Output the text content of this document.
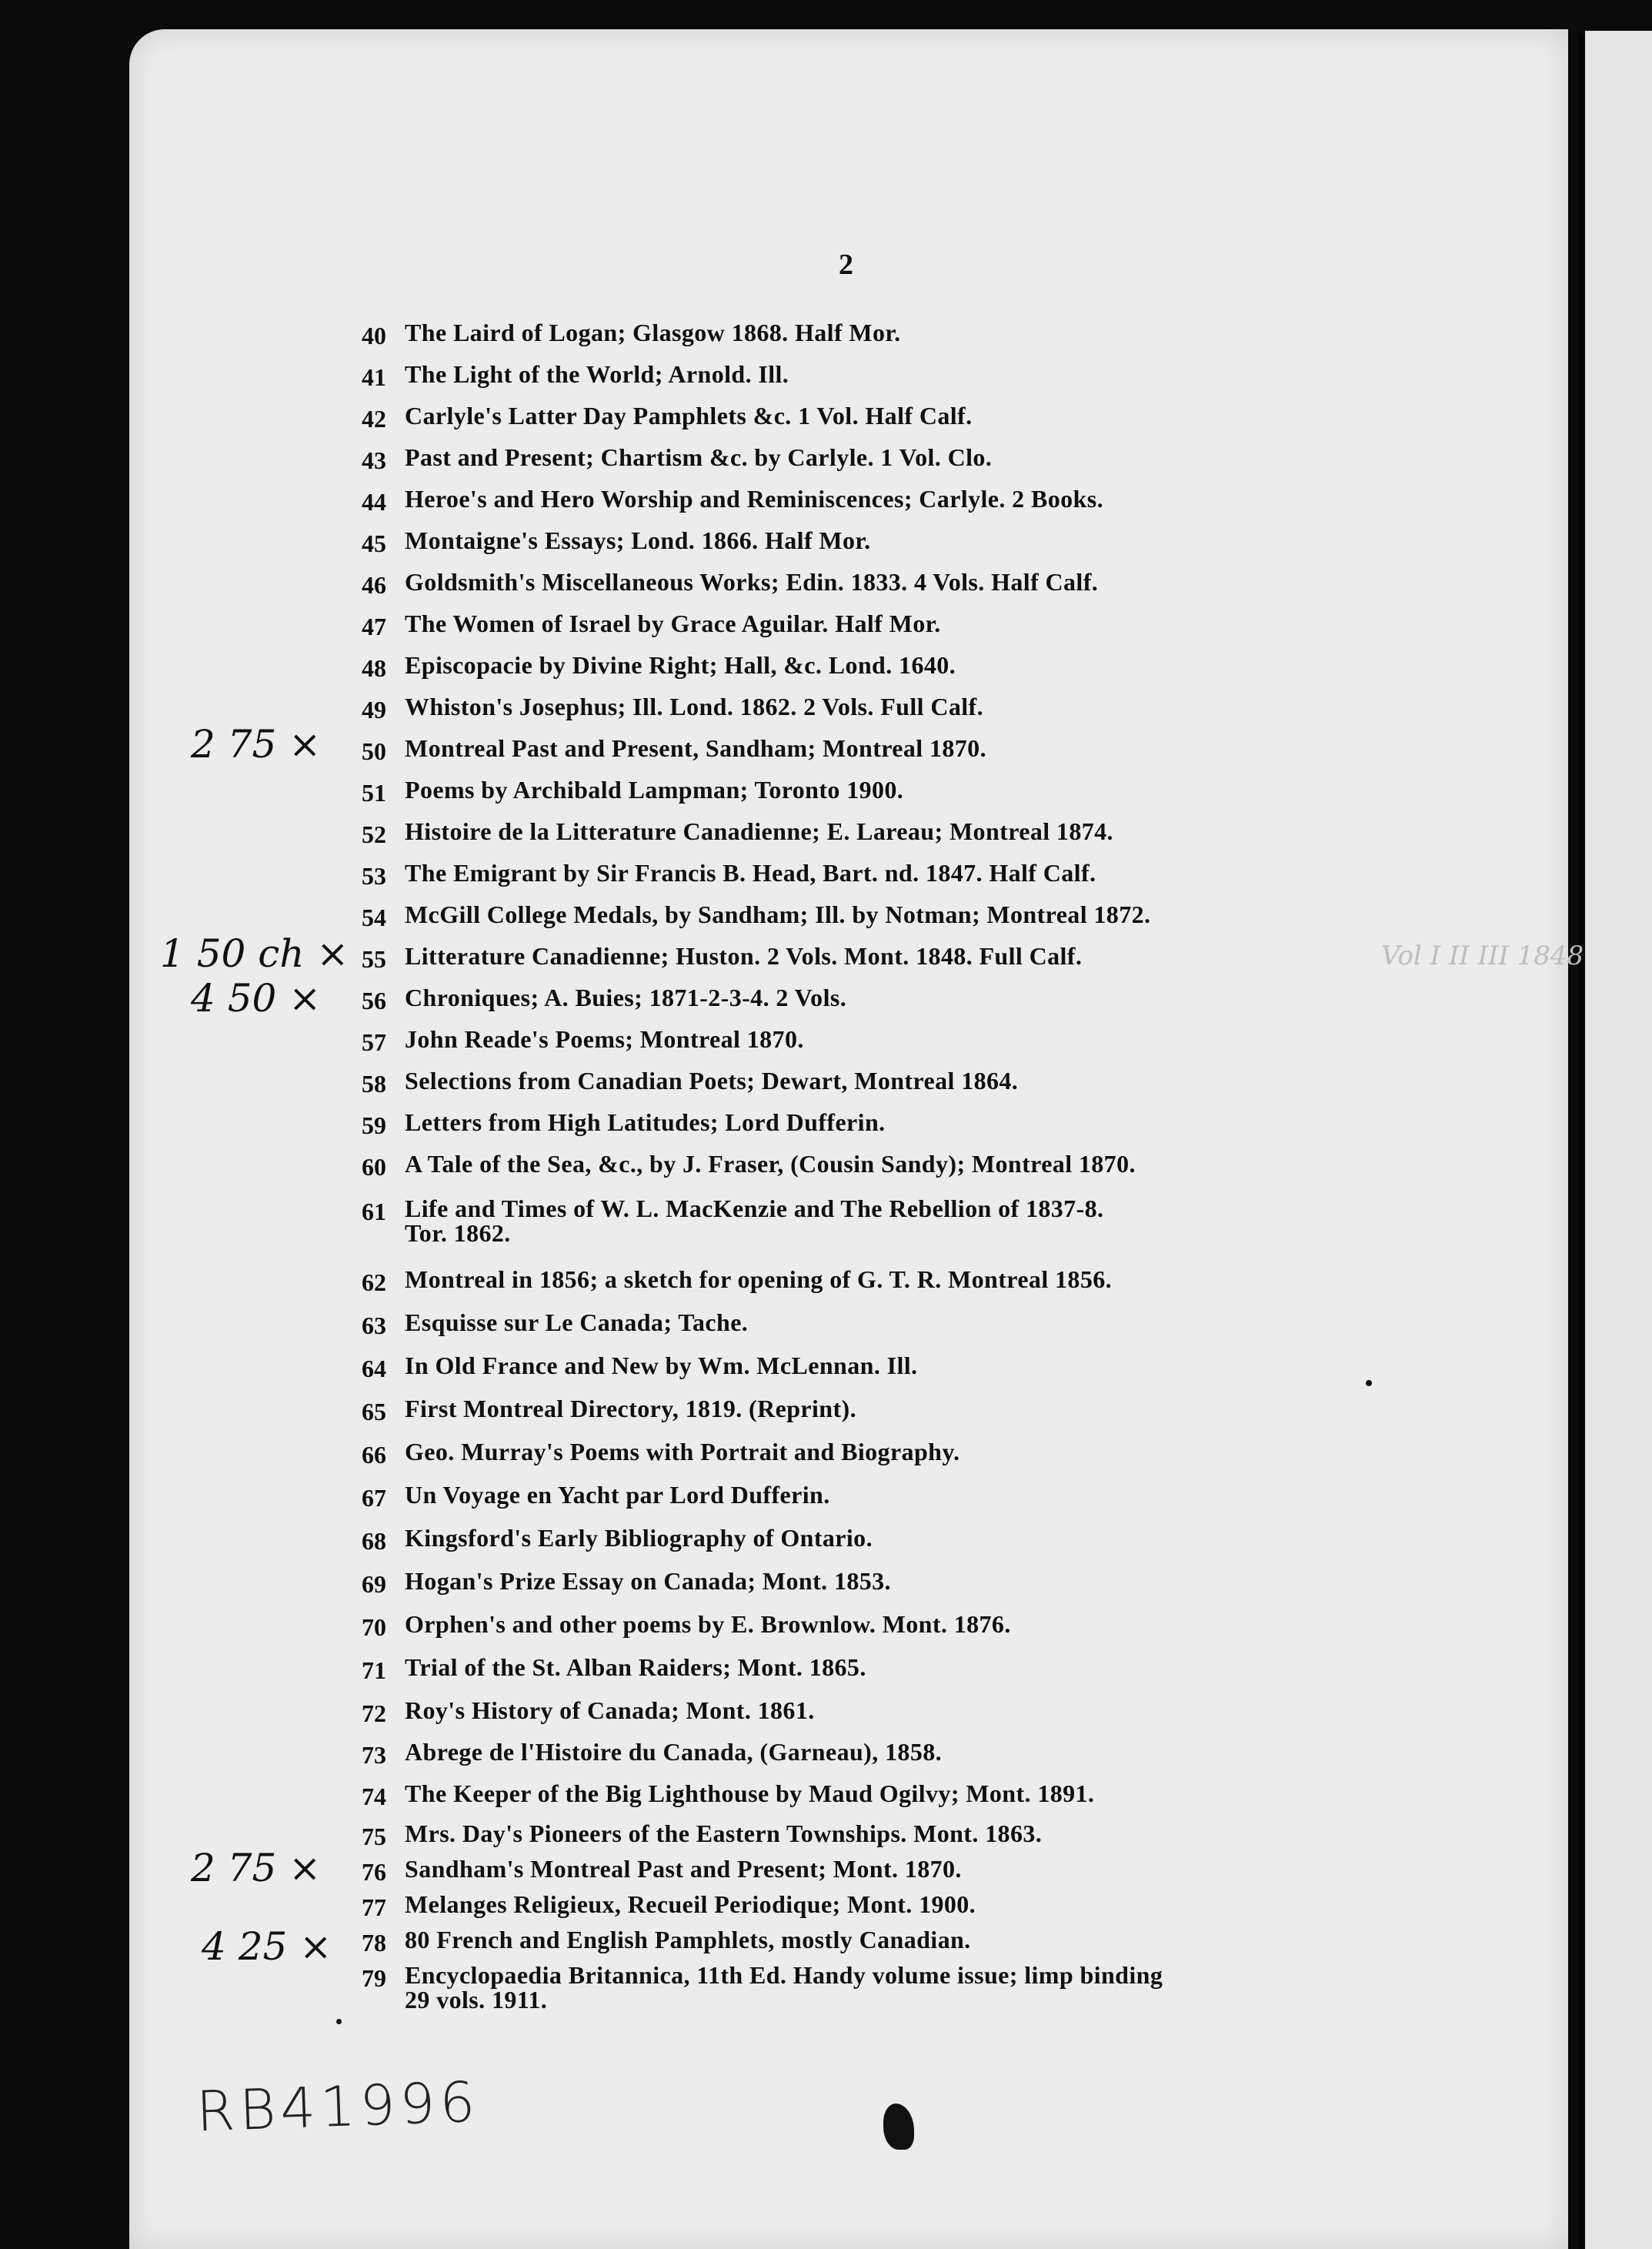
2
40 The Laird of Logan; Glasgow 1868. Half Mor.
41 The Light of the World; Arnold. Ill.
42 Carlyle's Latter Day Pamphlets &c. 1 Vol. Half Calf.
43 Past and Present; Chartism &c. by Carlyle. 1 Vol. Clo.
44 Heroe's and Hero Worship and Reminiscences; Carlyle. 2 Books.
45 Montaigne's Essays; Lond. 1866. Half Mor.
46 Goldsmith's Miscellaneous Works; Edin. 1833. 4 Vols. Half Calf.
47 The Women of Israel by Grace Aguilar. Half Mor.
48 Episcopacie by Divine Right; Hall, &c. Lond. 1640.
49 Whiston's Josephus; Ill. Lond. 1862. 2 Vols. Full Calf.
50 Montreal Past and Present, Sandham; Montreal 1870.
51 Poems by Archibald Lampman; Toronto 1900.
52 Histoire de la Litterature Canadienne; E. Lareau; Montreal 1874.
53 The Emigrant by Sir Francis B. Head, Bart. nd. 1847. Half Calf.
54 McGill College Medals, by Sandham; Ill. by Notman; Montreal 1872.
55 Litterature Canadienne; Huston. 2 Vols. Mont. 1848. Full Calf.
56 Chroniques; A. Buies; 1871-2-3-4. 2 Vols.
57 John Reade's Poems; Montreal 1870.
58 Selections from Canadian Poets; Dewart, Montreal 1864.
59 Letters from High Latitudes; Lord Dufferin.
60 A Tale of the Sea, &c., by J. Fraser, (Cousin Sandy); Montreal 1870.
61 Life and Times of W. L. MacKenzie and The Rebellion of 1837-8.
Tor. 1862.
62 Montreal in 1856; a sketch for opening of G. T. R. Montreal 1856.
63 Esquisse sur Le Canada; Tache.
64 In Old France and New by Wm. McLennan. Ill.
65 First Montreal Directory, 1819. (Reprint).
66 Geo. Murray's Poems with Portrait and Biography.
67 Un Voyage en Yacht par Lord Dufferin.
68 Kingsford's Early Bibliography of Ontario.
69 Hogan's Prize Essay on Canada; Mont. 1853.
70 Orphen's and other poems by E. Brownlow. Mont. 1876.
71 Trial of the St. Alban Raiders; Mont. 1865.
72 Roy's History of Canada; Mont. 1861.
73 Abrege de l'Histoire du Canada, (Garneau), 1858.
74 The Keeper of the Big Lighthouse by Maud Ogilvy; Mont. 1891.
75 Mrs. Day's Pioneers of the Eastern Townships. Mont. 1863.
76 Sandham's Montreal Past and Present; Mont. 1870.
77 Melanges Religieux, Recueil Periodique; Mont. 1900.
78 80 French and English Pamphlets, mostly Canadian.
79 Encyclopaedia Britannica, 11th Ed. Handy volume issue; limp binding
29 vols. 1911.
2 75 ×
1 50 ch ×
4 50 ×
Vol I II III 1848
2 75 ×
4 25 ×
RB41996
